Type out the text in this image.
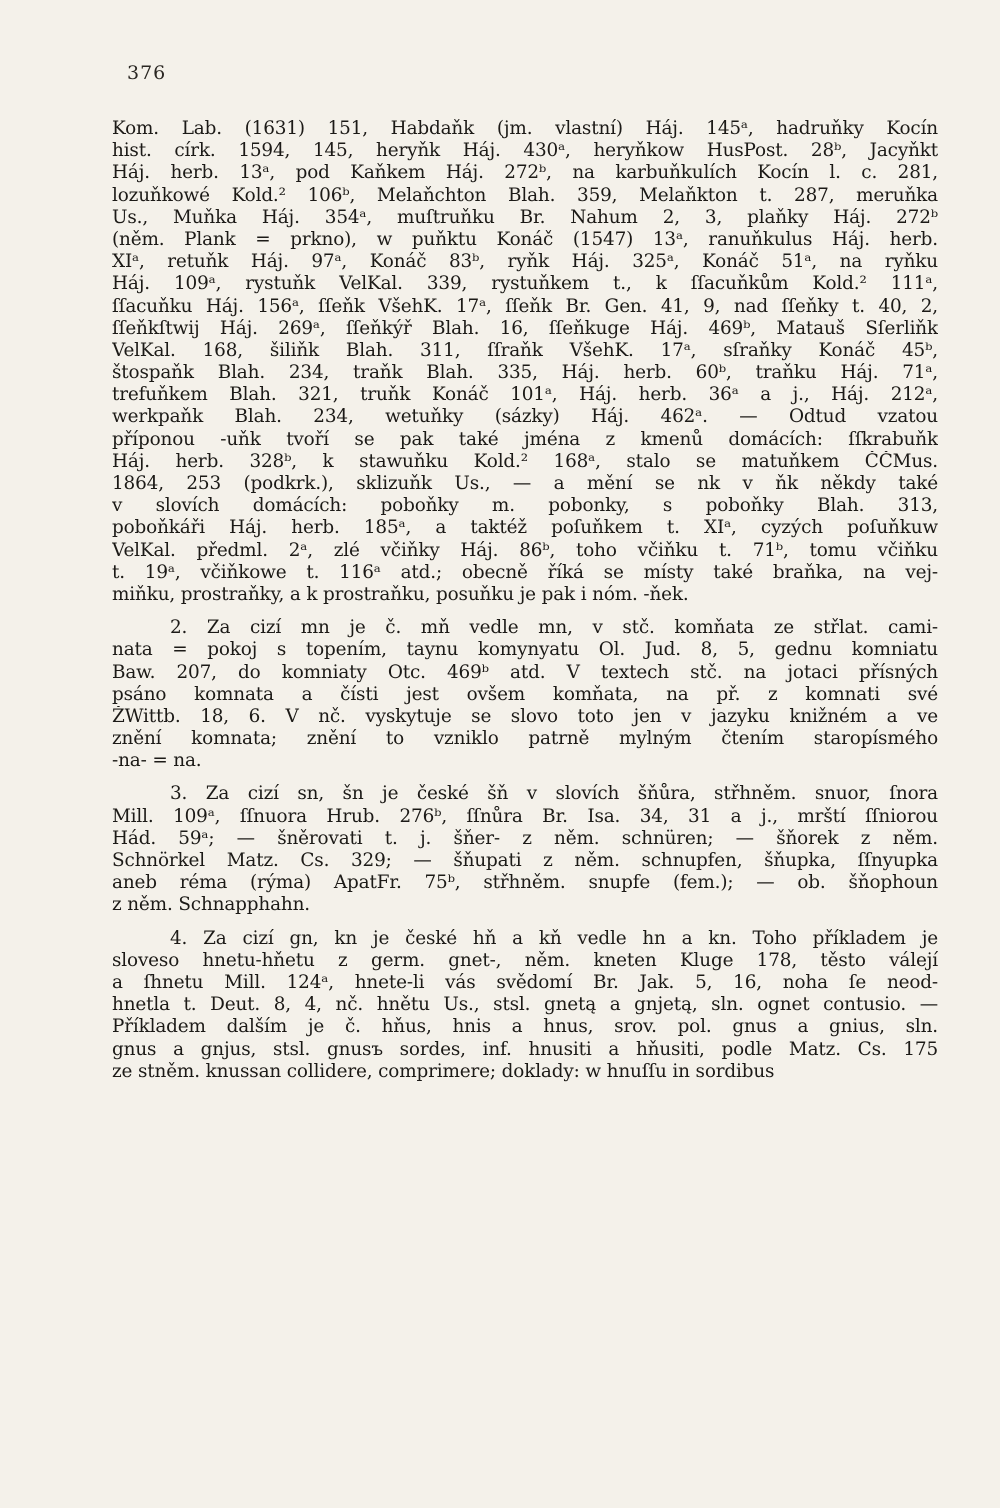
376
Kom. Lab. (1631) 151, Habdaňk (jm. vlastní) Háj. 145ᵃ, hadruňky Kocín
hist. círk. 1594, 145, heryňk Háj. 430ᵃ, heryňkow HusPost. 28ᵇ, Jacyňkt
Háj. herb. 13ᵃ, pod Kaňkem Háj. 272ᵇ, na karbuňkulích Kocín l. c. 281,
lozuňkowé Kold.² 106ᵇ, Melaňchton Blah. 359, Melaňkton t. 287, meruňka
Us., Muňka Háj. 354ᵃ, muſtruňku Br. Nahum 2, 3, plaňky Háj. 272ᵇ
(něm. Plank = prkno), w puňktu Konáč (1547) 13ᵃ, ranuňkulus Háj. herb.
XIᵃ, retuňk Háj. 97ᵃ, Konáč 83ᵇ, ryňk Háj. 325ᵃ, Konáč 51ᵃ, na ryňku
Háj. 109ᵃ, rystuňk VelKal. 339, rystuňkem t., k ſſacuňkům Kold.² 111ᵃ,
ſſacuňku Háj. 156ᵃ, ſſeňk VšehK. 17ᵃ, ſſeňk Br. Gen. 41, 9, nad ſſeňky t. 40, 2,
ſſeňkſtwij Háj. 269ᵃ, ſſeňkýř Blah. 16, ſſeňkuge Háj. 469ᵇ, Matauš Sſerliňk
VelKal. 168, šiliňk Blah. 311, ſſraňk VšehK. 17ᵃ, sſraňky Konáč 45ᵇ,
štospaňk Blah. 234, traňk Blah. 335, Háj. herb. 60ᵇ, traňku Háj. 71ᵃ,
trefuňkem Blah. 321, truňk Konáč 101ᵃ, Háj. herb. 36ᵃ a j., Háj. 212ᵃ,
werkpaňk Blah. 234, wetuňky (sázky) Háj. 462ᵃ. — Odtud vzatou
příponou -uňk tvoří se pak také jména z kmenů domácích: ſſkrabuňk
Háj. herb. 328ᵇ, k stawuňku Kold.² 168ᵃ, stalo se matuňkem ČČMus.
1864, 253 (podkrk.), sklizuňk Us., — a mění se nk v ňk někdy také
v slovích domácích: poboňky m. pobonky, s poboňky Blah. 313,
poboňkáři Háj. herb. 185ᵃ, a taktéž poſuňkem t. XIᵃ, cyzých poſuňkuw
VelKal. předml. 2ᵃ, zlé včiňky Háj. 86ᵇ, toho včiňku t. 71ᵇ, tomu včiňku
t. 19ᵃ, včiňkowe t. 116ᵃ atd.; obecně říká se místy také braňka, na vej-
miňku, prostraňky, a k prostraňku, posuňku je pak i nóm. -ňek.
2. Za cizí mn je č. mň vedle mn, v stč. komňata ze střlat. cami-
nata = pokoj s topením, taynu komynyatu Ol. Jud. 8, 5, gednu komniatu
Baw. 207, do komniaty Otc. 469ᵇ atd. V textech stč. na jotaci přísných
psáno komnata a čísti jest ovšem komňata, na př. z komnati své
ŽWittb. 18, 6. V nč. vyskytuje se slovo toto jen v jazyku knižném a ve
znění komnata; znění to vzniklo patrně mylným čtením staropísmého
-na- = na.
3. Za cizí sn, šn je české šň v slovích šňůra, střhněm. snuor, ſnora
Mill. 109ᵃ, ſſnuora Hrub. 276ᵇ, ſſnůra Br. Isa. 34, 31 a j., mrští ſſniorou
Hád. 59ᵃ; — šněrovati t. j. šňer- z něm. schnüren; — šňorek z něm.
Schnörkel Matz. Cs. 329; — šňupati z něm. schnupfen, šňupka, ſſnyupka
aneb réma (rýma) ApatFr. 75ᵇ, střhněm. snupfe (fem.); — ob. šňophoun
z něm. Schnapphahn.
4. Za cizí gn, kn je české hň a kň vedle hn a kn. Toho příkladem je
sloveso hnetu-hňetu z germ. gnet-, něm. kneten Kluge 178, těsto válejí
a ſhnetu Mill. 124ᵃ, hnete-li vás svědomí Br. Jak. 5, 16, noha ſe neod-
hnetla t. Deut. 8, 4, nč. hnětu Us., stsl. gnetą a gnjetą, sln. ognet contusio. —
Příkladem dalším je č. hňus, hnis a hnus, srov. pol. gnus a gnius, sln.
gnus a gnjus, stsl. gnusъ sordes, inf. hnusiti a hňusiti, podle Matz. Cs. 175
ze stněm. knussan collidere, comprimere; doklady: w hnuſſu in sordibus
